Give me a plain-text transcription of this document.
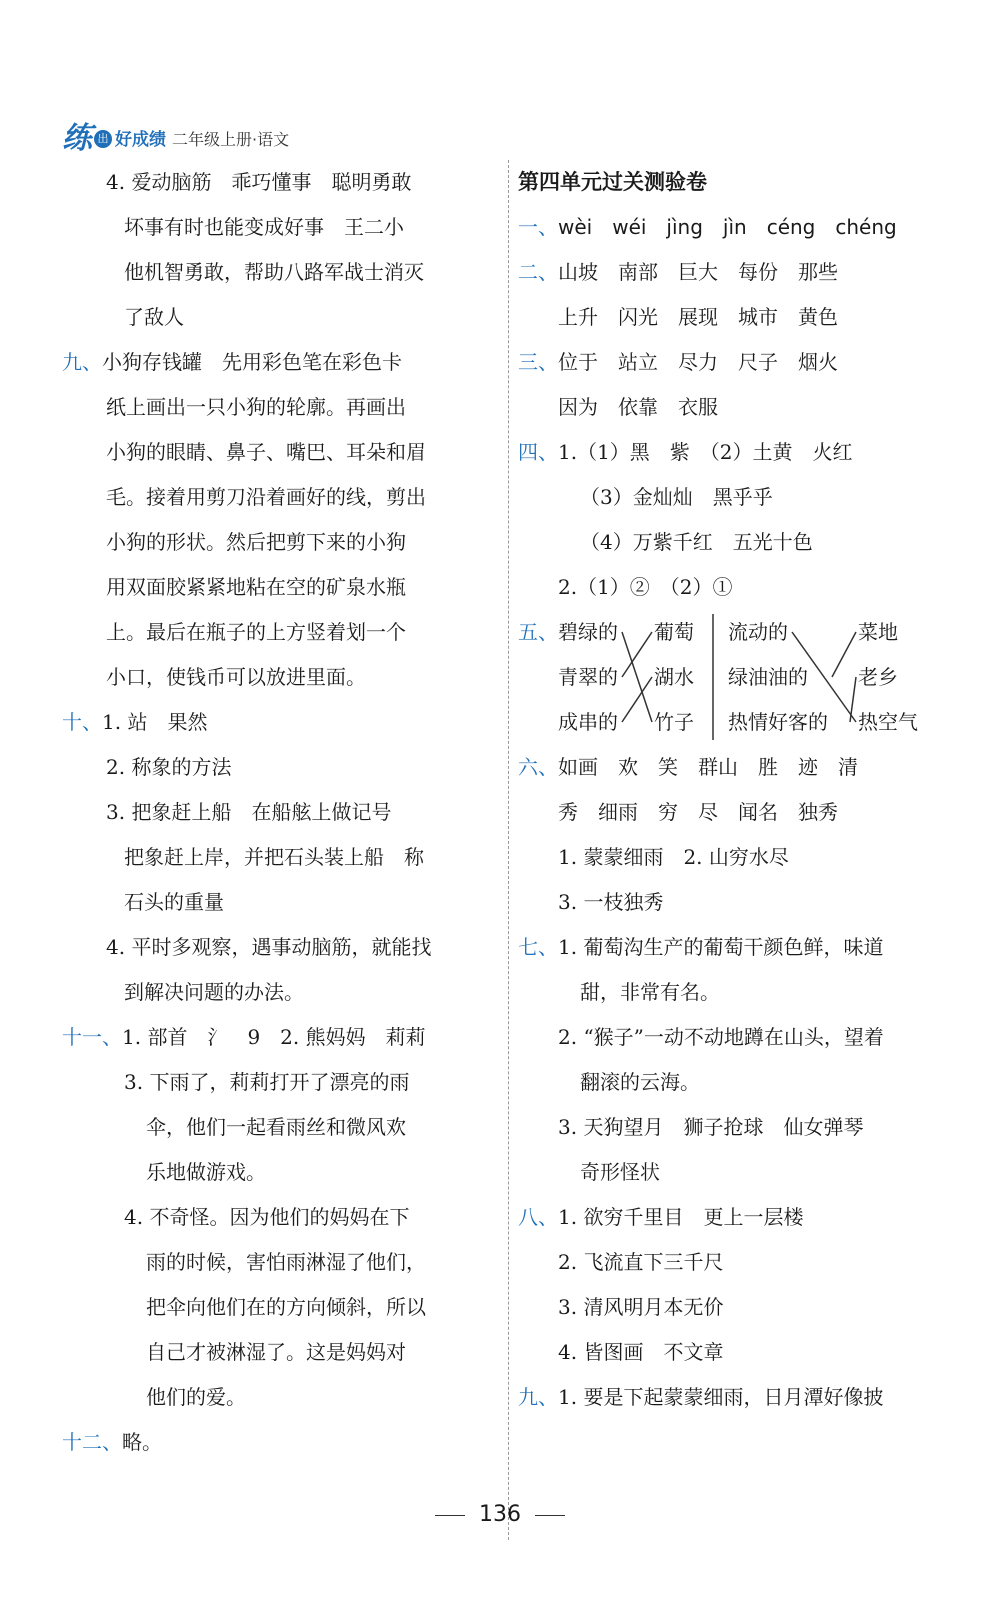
练 出 好成绩 二年级上册·语文
4. 爱动脑筋　乖巧懂事　聪明勇敢
坏事有时也能变成好事　王二小
他机智勇敢，帮助八路军战士消灭
了敌人
九、小狗存钱罐　先用彩色笔在彩色卡
纸上画出一只小狗的轮廓。再画出
小狗的眼睛、鼻子、嘴巴、耳朵和眉
毛。接着用剪刀沿着画好的线，剪出
小狗的形状。然后把剪下来的小狗
用双面胶紧紧地粘在空的矿泉水瓶
上。最后在瓶子的上方竖着划一个
小口，使钱币可以放进里面。
十、1. 站　果然
2. 称象的方法
3. 把象赶上船　在船舷上做记号
把象赶上岸，并把石头装上船　称
石头的重量
4. 平时多观察，遇事动脑筋，就能找
到解决问题的办法。
十一、1. 部首　氵　9　2. 熊妈妈　莉莉
3. 下雨了，莉莉打开了漂亮的雨
伞，他们一起看雨丝和微风欢
乐地做游戏。
4. 不奇怪。因为他们的妈妈在下
雨的时候，害怕雨淋湿了他们，
把伞向他们在的方向倾斜，所以
自己才被淋湿了。这是妈妈对
他们的爱。
十二、略。
第四单元过关测验卷
一、wèi　wéi　jìng　jìn　céng　chéng
二、山坡　南部　巨大　每份　那些
上升　闪光　展现　城市　黄色
三、位于　站立　尽力　尺子　烟火
因为　依靠　衣服
四、1.（1）黑　紫　（2）土黄　火红
（3）金灿灿　黑乎乎
（4）万紫千红　五光十色
2.（1）②　（2）①
五、 碧绿的
青翠的
成串的
葡萄
湖水
竹子
流动的
绿油油的
热情好客的
菜地
老乡
热空气
六、如画　欢　笑　群山　胜　迹　清
秀　细雨　穷　尽　闻名　独秀
1. 蒙蒙细雨　2. 山穷水尽
3. 一枝独秀
七、1. 葡萄沟生产的葡萄干颜色鲜，味道
甜，非常有名。
2. “猴子”一动不动地蹲在山头，望着
翻滚的云海。
3. 天狗望月　狮子抢球　仙女弹琴
奇形怪状
八、1. 欲穷千里目　更上一层楼
2. 飞流直下三千尺
3. 清风明月本无价
4. 皆图画　不文章
九、1. 要是下起蒙蒙细雨，日月潭好像披
136
